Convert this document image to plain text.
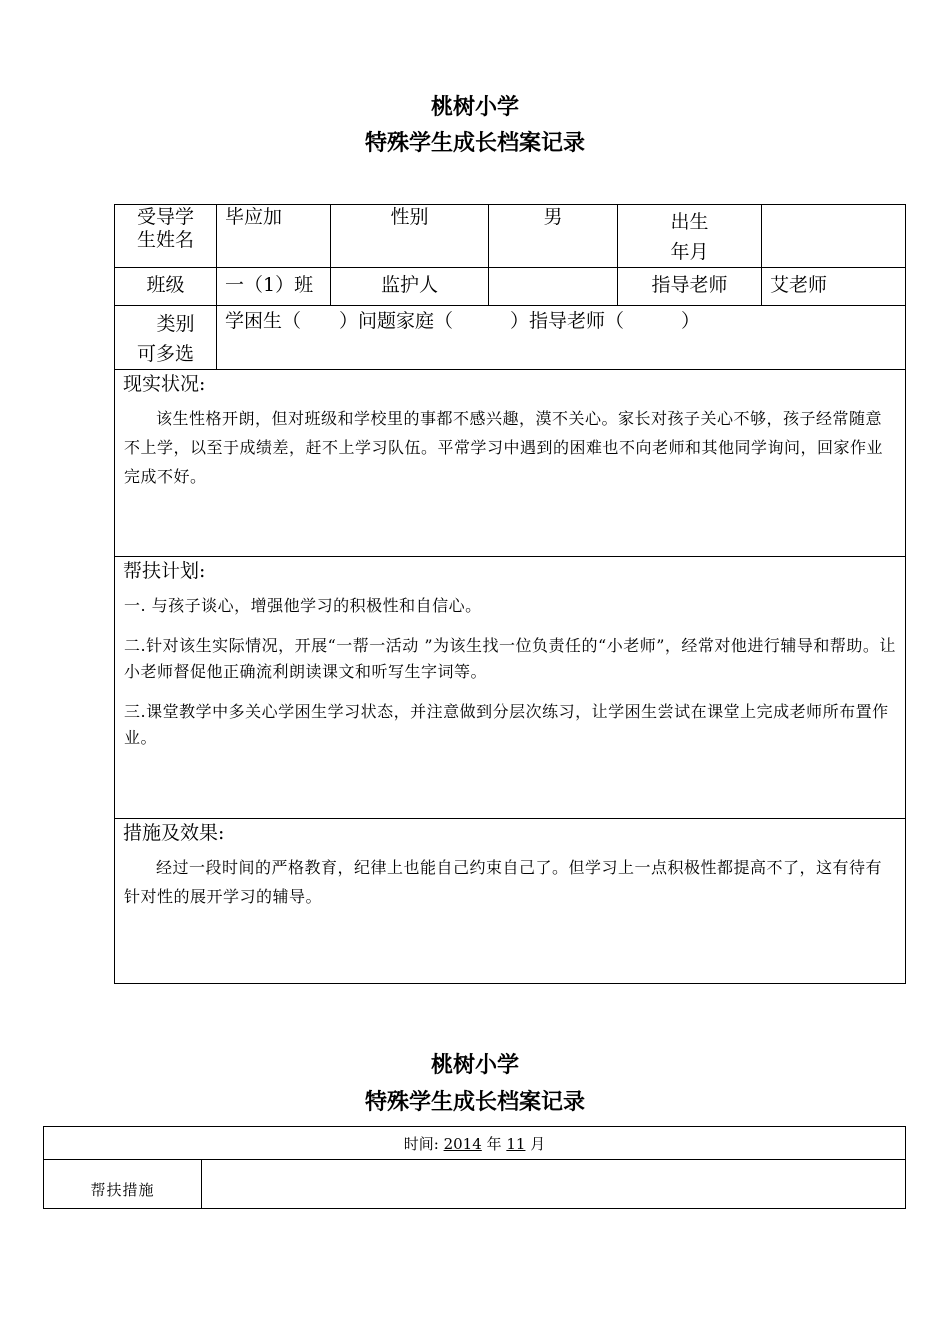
桃树小学
特殊学生成长档案记录
受导学生姓名	毕应加	性别	男	出生
年月	

班级	一（1）班	监护人		指导老师	艾老师

类别
可多选	学困生（　　）问题家庭（　　　）指导老师（　　　）				

现实状况:

该生性格开朗，但对班级和学校里的事都不感兴趣，漠不关心。家长对孩子关心不够，孩子经常随意不上学，以至于成绩差，赶不上学习队伍。平常学习中遇到的困难也不向老师和其他同学询问，回家作业完成不好。					

帮扶计划:

一. 与孩子谈心，增强他学习的积极性和自信心。

二.针对该生实际情况，开展“一帮一活动 ”为该生找一位负责任的“小老师”，经常对他进行辅导和帮助。让小老师督促他正确流利朗读课文和听写生字词等。

三.课堂教学中多关心学困生学习状态，并注意做到分层次练习，让学困生尝试在课堂上完成老师所布置作业。					

措施及效果:

经过一段时间的严格教育，纪律上也能自己约束自己了。但学习上一点积极性都提高不了，这有待有针对性的展开学习的辅导。					

桃树小学
特殊学生成长档案记录
时间: 2014 年 11 月

帮扶措施
